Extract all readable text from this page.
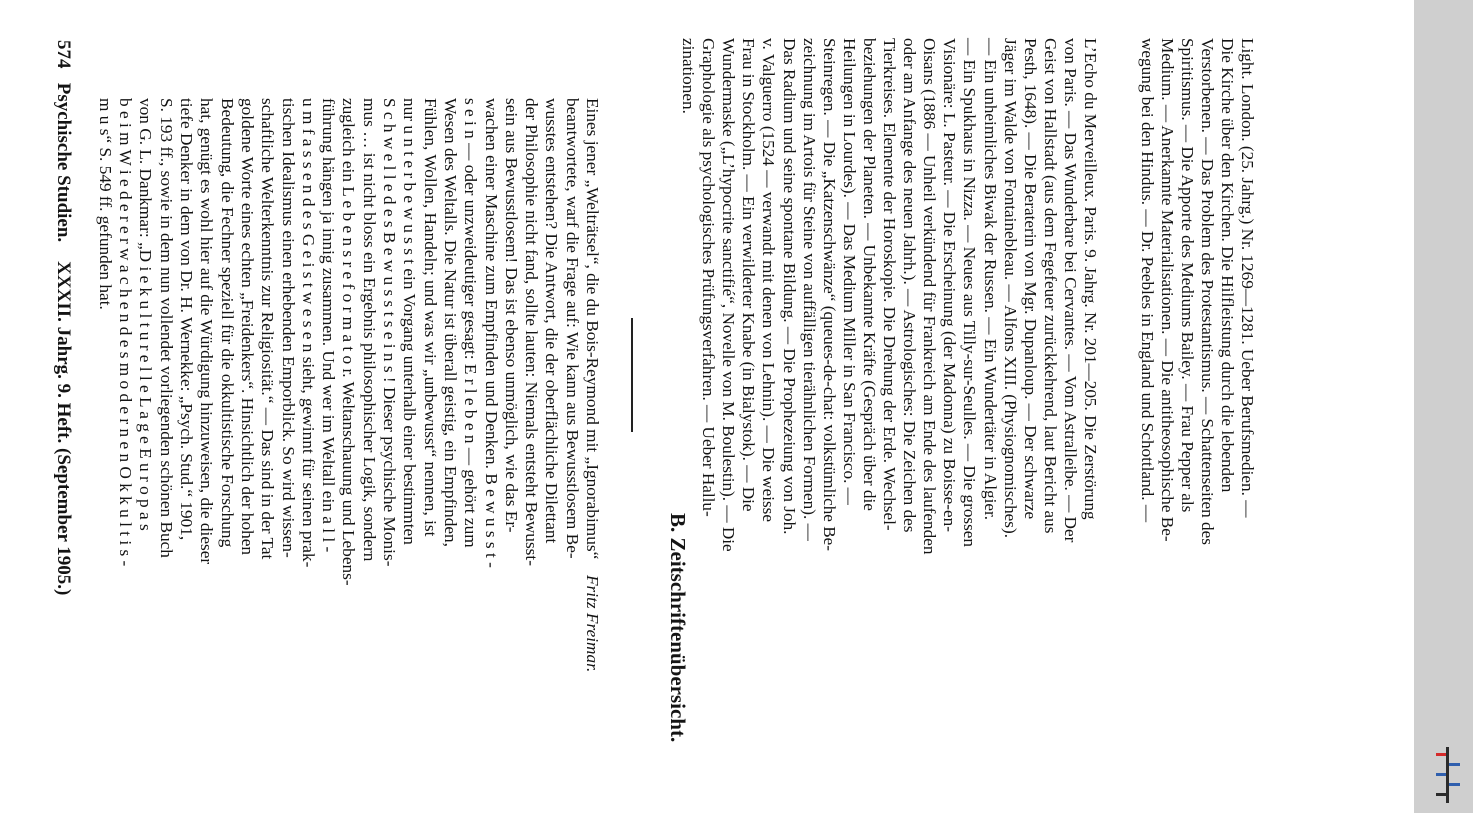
574   Psychische Studien.    XXXII. Jahrg. 9. Heft. (September 1905.)	Eines jener „Welträtsel“, die du Bois-Reymond mit „Ignorabimus“
beantwortete, warf die Frage auf: Wie kann aus Bewusstlosem Be-
wusstes entstehen? Die Antwort, die der oberflächliche Dilettant
der Philosophie nicht fand, sollte lauten: Niemals entsteht Bewusst-
sein aus Bewusstlosem! Das ist ebenso unmöglich, wie das Er-
wachen einer Maschine zum Empfinden und Denken. B e w u s s t -
s e i n — oder unzweideutiger gesagt: E r l e b e n — gehört zum
Wesen des Weltalls. Die Natur ist überall geistig, ein Empfinden,
Fühlen, Wollen, Handeln; und was wir „unbewusst“ nennen, ist
nur u n t e r b e w u s s t ein Vorgang unterhalb einer bestimmten
S c h w e l l e d e s B e w u s s t s e i n s ! Dieser psychische Monis-
mus … ist nicht bloss ein Ergebnis philosophischer Logik, sondern
zugleich ein L e b e n s r e f o r m a t o r. Weltanschauung und Lebens-
führung hängen ja innig zusammen. Und wer im Weltall ein a l l -
u m f a s s e n d e s G e i s t w e s e n sieht, gewinnt für seinen prak-
tischen Idealismus einen erhebenden Emporblick. So wird wissen-
schaftliche Welterkenntnis zur Religiosität.“ — Das sind in der Tat
goldene Worte eines echten „Freidenkers“. Hinsichtlich der hohen
Bedeutung, die Fechner speziell für die okkultistische Forschung
hat, genügt es wohl hier auf die Würdigung hinzuweisen, die dieser
tiefe Denker in dem von Dr. H. Wernekke: „Psych. Stud.“ 1901,
S. 193 ff., sowie in dem nun vollendet vorliegenden schönen Buch
von G. L. Dankmar: „D i e k u l t u r e l l e L a g e E u r o p a s
b e i m W i e d e r e r w a c h e n d e s m o d e r n e n O k k u l t i s -
m u s“ S. 549 ff. gefunden hat.
Fritz Freimar.	B. Zeitschriftenübersicht.
L’Echo du Merveilleux. Paris. 9. Jahrg. Nr. 201—205. Die Zerstörung
von Paris. — Das Wunderbare bei Cervantes. — Vom Astralleibe. — Der
Geist von Hallstadt (aus dem Fegefeuer zurückkehrend, laut Bericht aus
Pesth, 1648). — Die Beraterin von Mgr. Dupanloup. — Der schwarze
Jäger im Walde von Fontainebleau. — Alfons XIII. (Physiognomisches).
— Ein unheimliches Biwak der Russen. — Ein Wundertäter in Algier.
— Ein Spukhaus in Nizza. — Neues aus Tilly-sur-Seulles. — Die grossen
Visionäre: L. Pasteur. — Die Erscheinung (der Madonna) zu Boisse-en-
Oisans (1886 — Unheil verkündend für Frankreich am Ende des laufenden
oder am Anfange des neuen Jahrh.). — Astrologisches: Die Zeichen des
Tierkreises. Elemente der Horoskopie. Die Drehung der Erde. Wechsel-
beziehungen der Planeten. — Unbekannte Kräfte (Gespräch über die
Heilungen in Lourdes). — Das Medium Miller in San Francisco. —
Steinregen. — Die „Katzenschwänze“ (queues-de-chat: volkstümliche Be-
zeichnung im Artois für Steine von auffälligen tierähnlichen Formen). —
Das Radium und seine spontane Bildung. — Die Prophezeiung von Joh.
v. Valguerro (1524 — verwandt mit denen von Lehnin). — Die weisse
Frau in Stockholm. — Ein verwilderter Knabe (in Bialystok). — Die
Wundermaske („L’hypocrite sanctifié“, Novelle von M. Boulestin). — Die
Graphologie als psychologisches Prüfungsverfahren. — Ueber Hallu-
zinationen.	Light. London. (25. Jahrg.) Nr. 1269—1281. Ueber Berufsmedien. —
Die Kirche über den Kirchen. Die Hilfleistung durch die lebenden
Verstorbenen. — Das Problem des Protestantismus. — Schattenseiten des
Spiritismus. — Die Apporte des Mediums Bailey. — Frau Pepper als
Medium. — Anerkannte Materialisationen. — Die antitheosophische Be-
wegung bei den Hindus. — Dr. Peebles in England und Schottland. —
